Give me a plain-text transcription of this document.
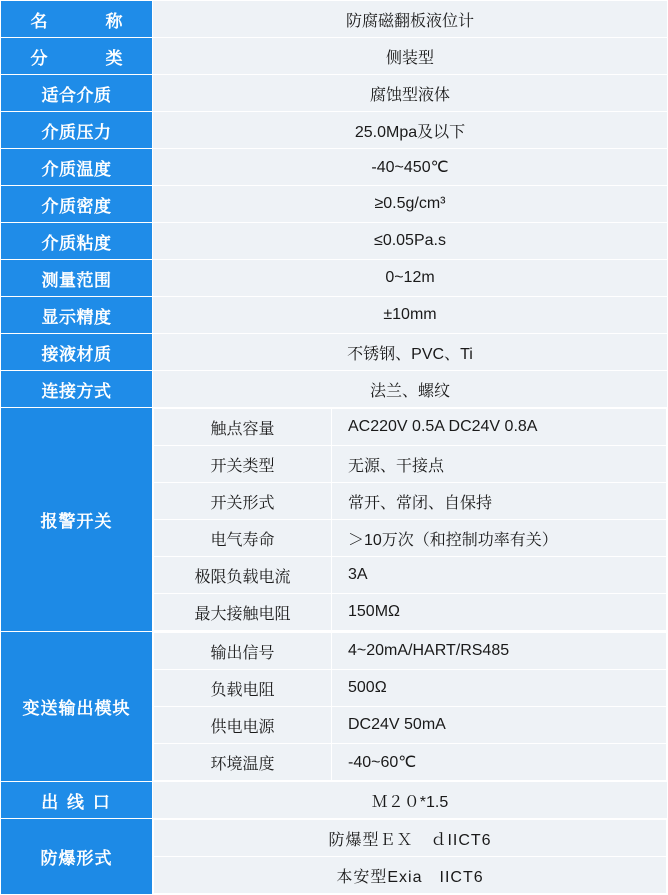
名　　称	防腐磁翻板液位计
分　　类	侧装型
适合介质	腐蚀型液体
介质压力	25.0Mpa及以下
介质温度	-40~450℃
介质密度	≥0.5g/cm³
介质粘度	≤0.05Pa.s
测量范围	0~12m
显示精度	±10mm
接液材质	不锈钢、PVC、Ti
连接方式	法兰、螺纹
报警开关	
触点容量	AC220V 0.5A DC24V 0.8A
开关类型	无源、干接点
开关形式	常开、常闭、自保持
电气寿命	＞10万次（和控制功率有关）
极限负载电流	3A
最大接触电阻	150MΩ

变送输出模块	
输出信号	4~20mA/HART/RS485
负载电阻	500Ω
供电电源	DC24V 50mA
环境温度	-40~60℃

出 线 口	Ｍ２０*1.5
防爆形式	
防爆型ＥＸ　ｄIICT6
本安型Exia　IICT6
